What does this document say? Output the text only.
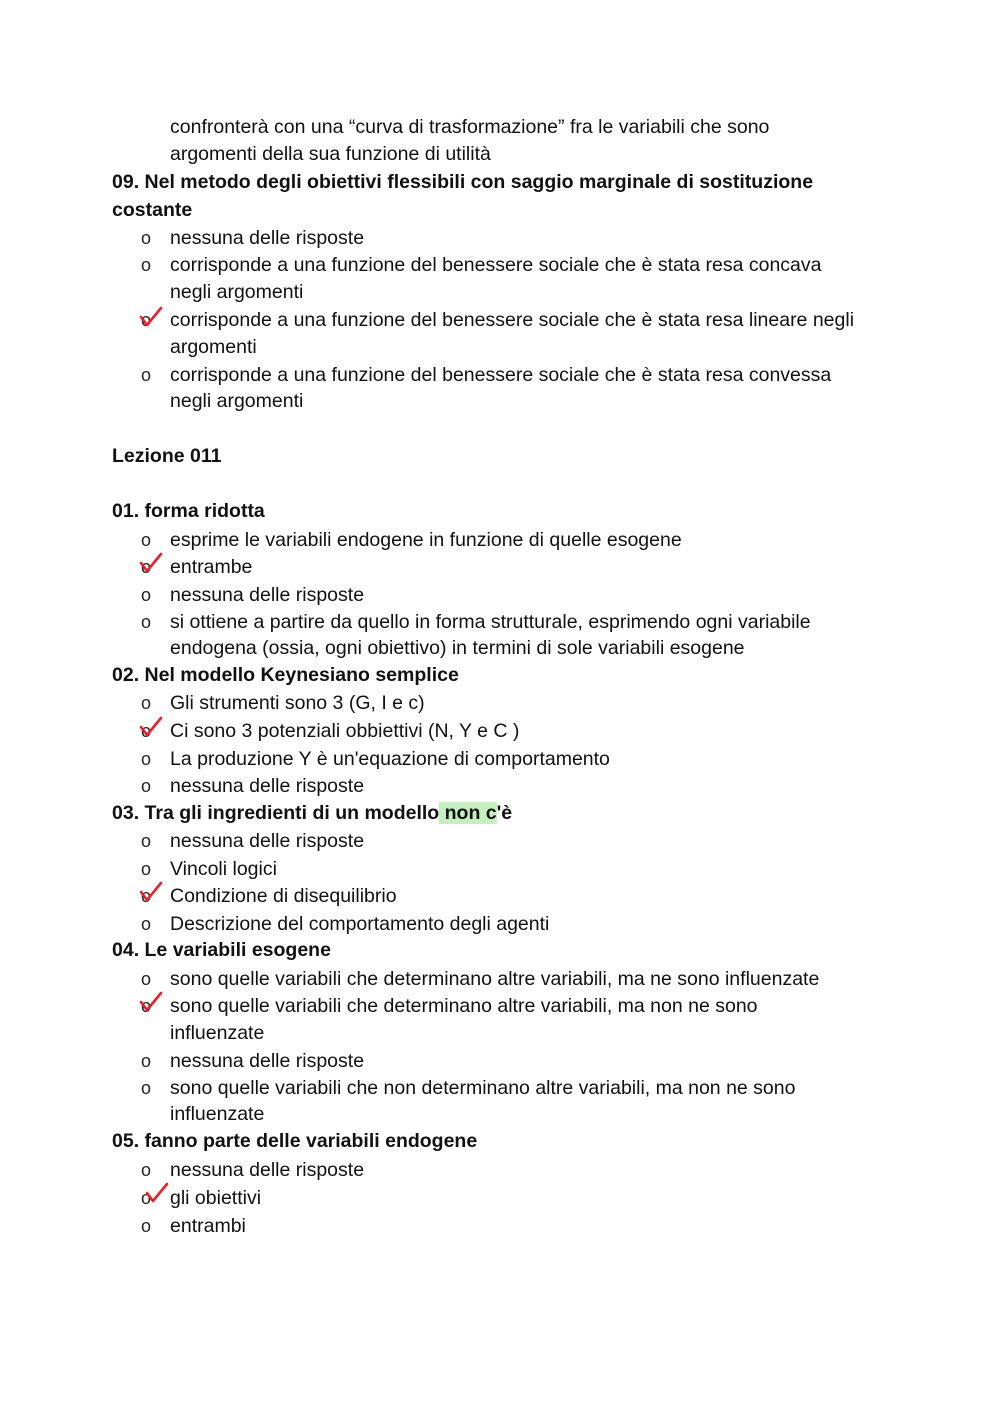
confronterà con una “curva di trasformazione” fra le variabili che sono
argomenti della sua funzione di utilità
09. Nel metodo degli obiettivi flessibili con saggio marginale di sostituzione
costante
o nessuna delle risposte
o corrisponde a una funzione del benessere sociale che è stata resa concava
negli argomenti
o corrisponde a una funzione del benessere sociale che è stata resa lineare negli
argomenti
o corrisponde a una funzione del benessere sociale che è stata resa convessa
negli argomenti
Lezione 011
01. forma ridotta
o esprime le variabili endogene in funzione di quelle esogene
o entrambe
o nessuna delle risposte
o si ottiene a partire da quello in forma strutturale, esprimendo ogni variabile
endogena (ossia, ogni obiettivo) in termini di sole variabili esogene
02. Nel modello Keynesiano semplice
o Gli strumenti sono 3 (G, I e c)
o Ci sono 3 potenziali obbiettivi (N, Y e C )
o La produzione Y è un'equazione di comportamento
o nessuna delle risposte
03. Tra gli ingredienti di un modello non c'è
o nessuna delle risposte
o Vincoli logici
o Condizione di disequilibrio
o Descrizione del comportamento degli agenti
04. Le variabili esogene
o sono quelle variabili che determinano altre variabili, ma ne sono influenzate
o sono quelle variabili che determinano altre variabili, ma non ne sono
influenzate
o nessuna delle risposte
o sono quelle variabili che non determinano altre variabili, ma non ne sono
influenzate
05. fanno parte delle variabili endogene
o nessuna delle risposte
o gli obiettivi
o entrambi
